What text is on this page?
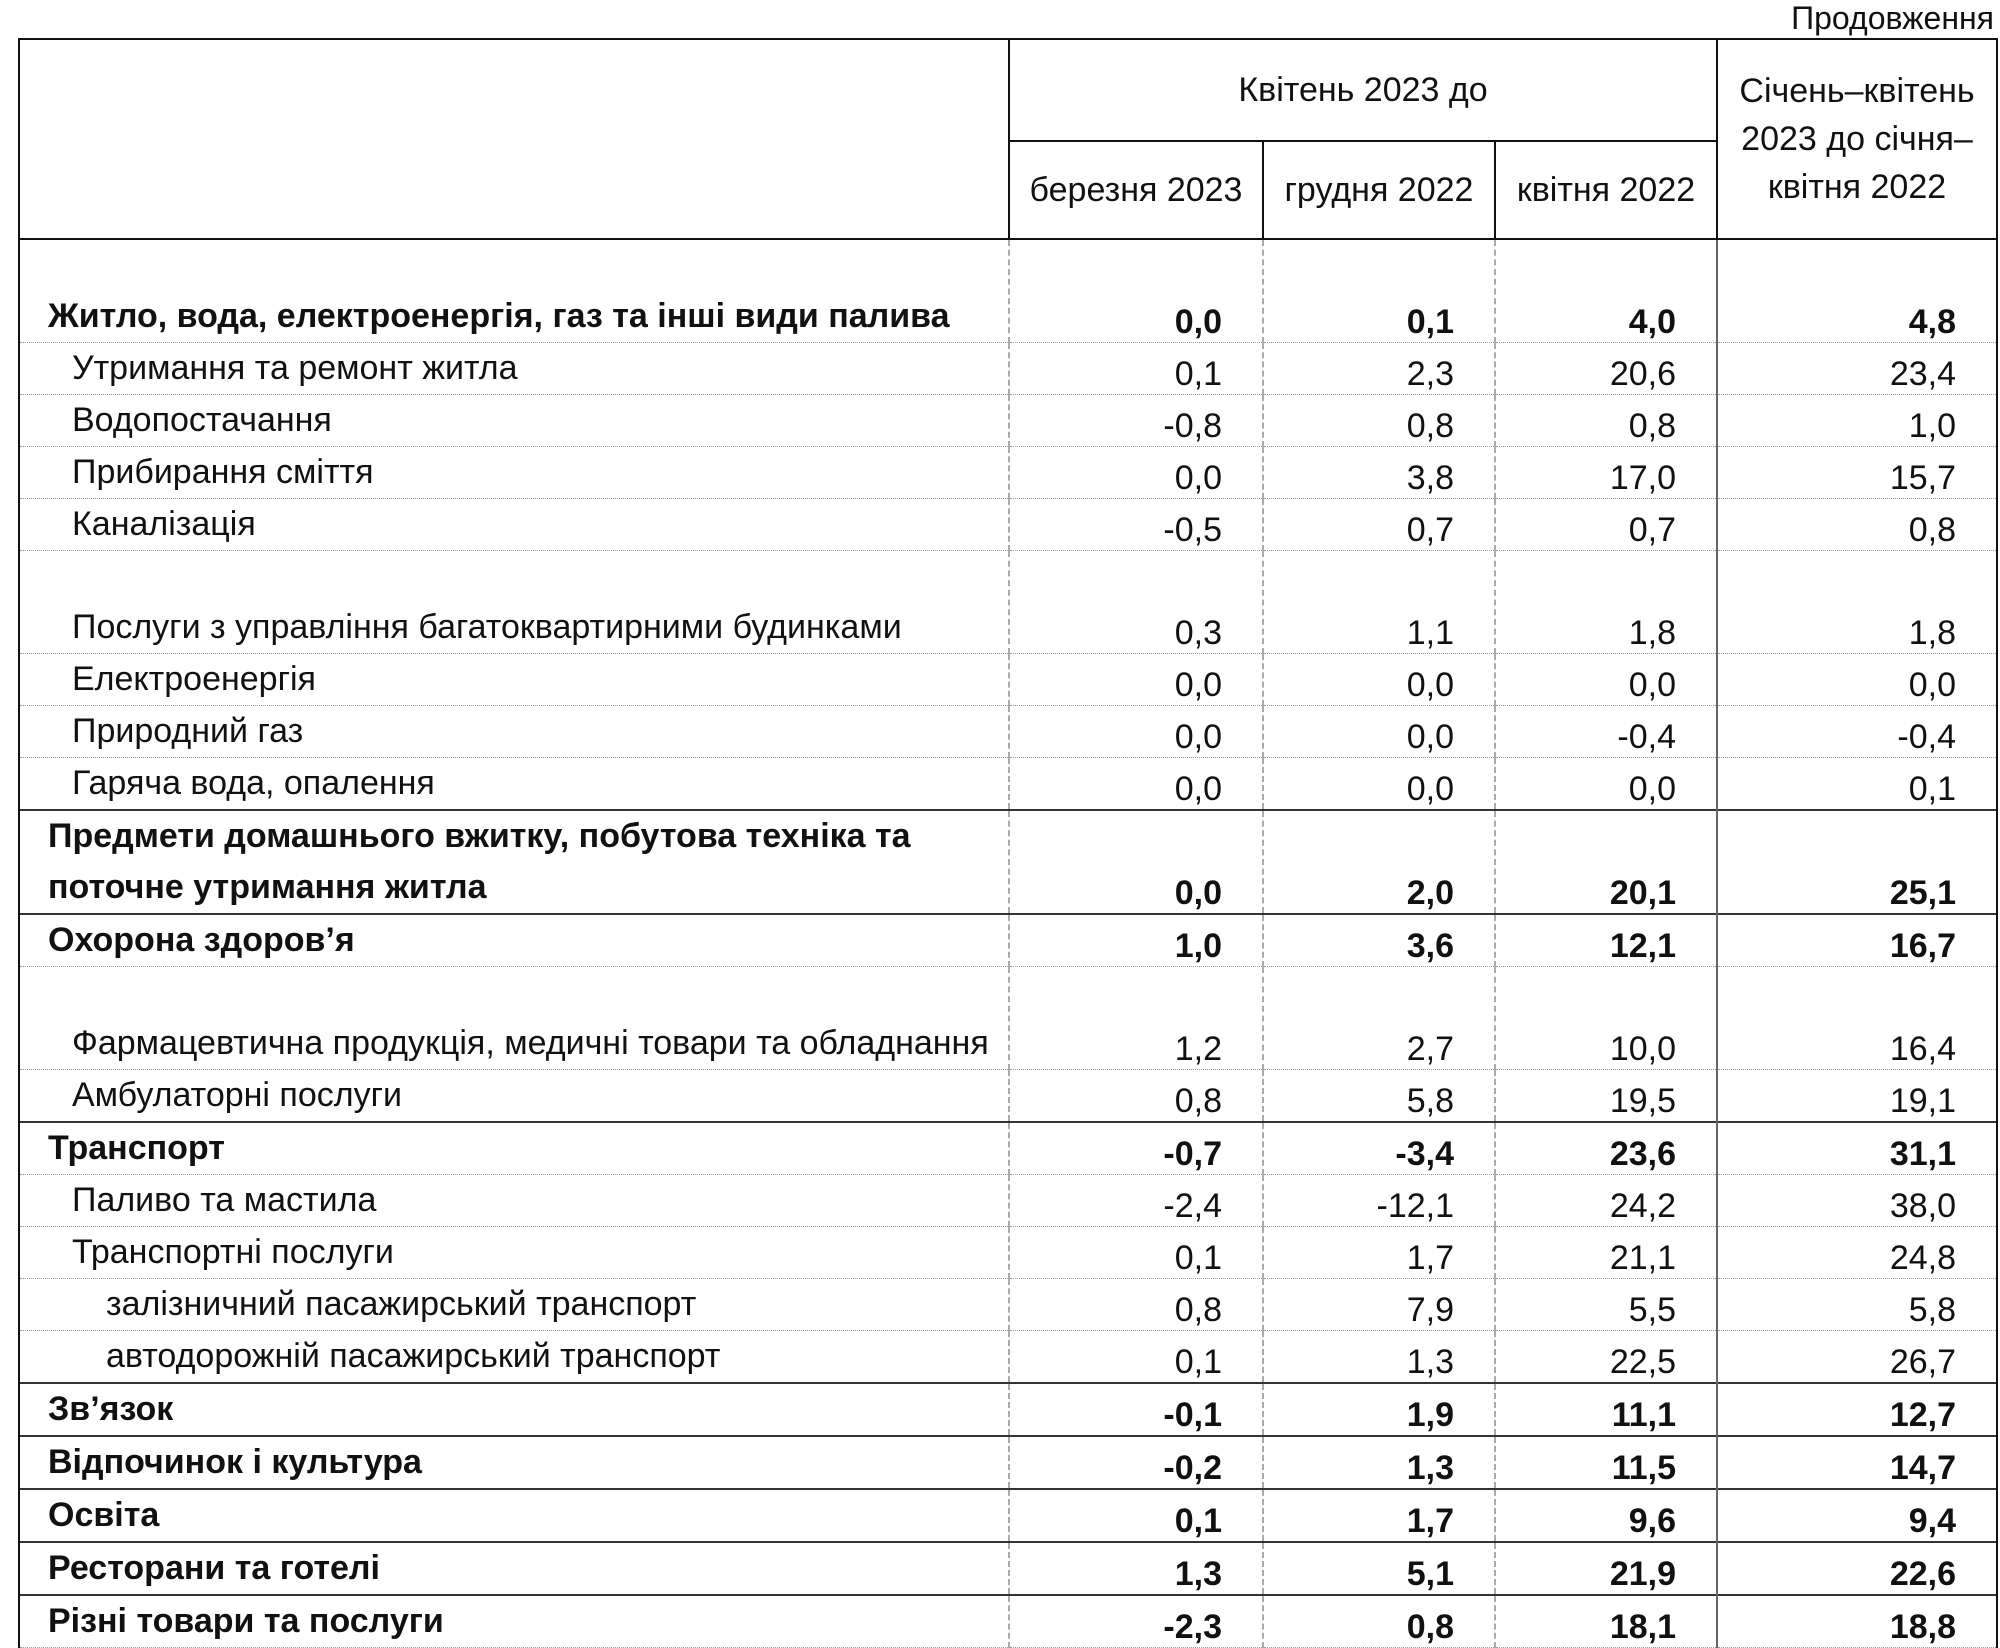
Продовження
	Квітень 2023 до			Січень–квітень 2023 до січня–квітня 2022
	березня 2023	грудня 2022	квітня 2022	
Житло, вода, електроенергія, газ та інші види палива	0,0	0,1	4,0	4,8
Утримання та ремонт житла	0,1	2,3	20,6	23,4
Водопостачання	-0,8	0,8	0,8	1,0
Прибирання сміття	0,0	3,8	17,0	15,7
Каналізація	-0,5	0,7	0,7	0,8
Послуги з управління багатоквартирними будинками	0,3	1,1	1,8	1,8
Електроенергія	0,0	0,0	0,0	0,0
Природний газ	0,0	0,0	-0,4	-0,4
Гаряча вода, опалення	0,0	0,0	0,0	0,1
Предмети домашнього вжитку, побутова техніка та поточне утримання житла	0,0	2,0	20,1	25,1
Охорона здоров’я	1,0	3,6	12,1	16,7
Фармацевтична продукція, медичні товари та обладнання	1,2	2,7	10,0	16,4
Амбулаторні послуги	0,8	5,8	19,5	19,1
Транспорт	-0,7	-3,4	23,6	31,1
Паливо та мастила	-2,4	-12,1	24,2	38,0
Транспортні послуги	0,1	1,7	21,1	24,8
залізничний пасажирський транспорт	0,8	7,9	5,5	5,8
автодорожній пасажирський транспорт	0,1	1,3	22,5	26,7
Зв’язок	-0,1	1,9	11,1	12,7
Відпочинок і культура	-0,2	1,3	11,5	14,7
Освіта	0,1	1,7	9,6	9,4
Ресторани та готелі	1,3	5,1	21,9	22,6
Різні товари та послуги	-2,3	0,8	18,1	18,8
